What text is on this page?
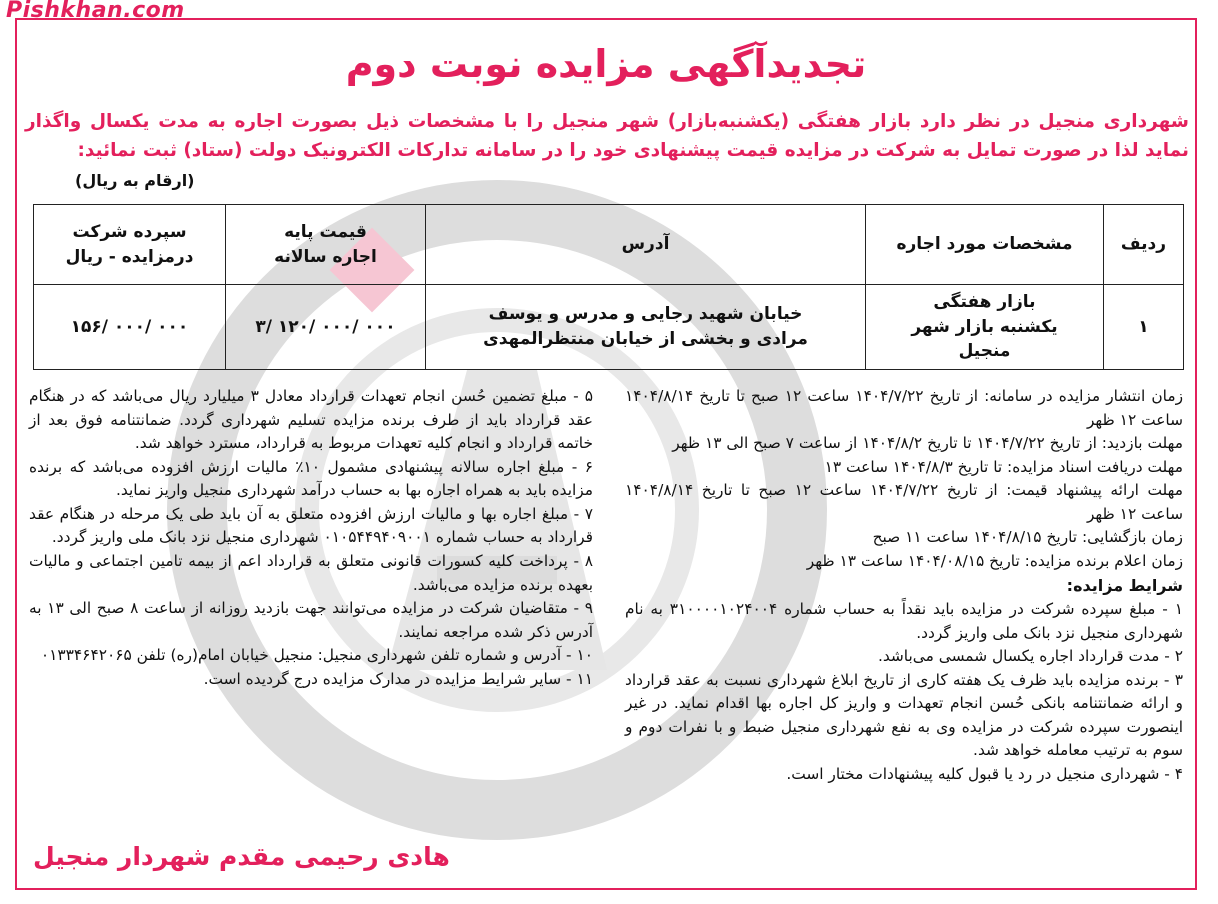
Pishkhan.com
تجدیدآگهی مزایده نوبت دوم
شهرداری منجیل در نظر دارد بازار هفتگی (یکشنبه‌بازار) شهر منجیل را با مشخصات ذیل بصورت اجاره به مدت یکسال واگذار نماید لذا در صورت تمایل به شرکت در مزایده قیمت پیشنهادی خود را در سامانه تدارکات الکترونیک دولت (ستاد) ثبت نمائید:
(ارقام به ریال)
ردیف	مشخصات مورد اجاره	آدرس	قیمت پایه اجاره سالانه	سپرده شرکت درمزایده - ریال
۱	بازار هفتگی یکشنبه بازار شهر منجیل	خیابان شهید رجایی و مدرس و یوسف مرادی و بخشی از خیابان منتظرالمهدی	۳/ ۱۲۰/ ۰۰۰/ ۰۰۰	۱۵۶/ ۰۰۰/ ۰۰۰

زمان انتشار مزایده در سامانه: از تاریخ ۱۴۰۴/۷/۲۲ ساعت ۱۲ صبح تا تاریخ ۱۴۰۴/۸/۱۴ ساعت ۱۲ ظهر

مهلت بازدید: از تاریخ ۱۴۰۴/۷/۲۲ تا تاریخ ۱۴۰۴/۸/۲ از ساعت ۷ صبح الی ۱۳ ظهر

مهلت دریافت اسناد مزایده: تا تاریخ ۱۴۰۴/۸/۳ ساعت ۱۳

مهلت ارائه پیشنهاد قیمت: از تاریخ ۱۴۰۴/۷/۲۲ ساعت ۱۲ صبح تا تاریخ ۱۴۰۴/۸/۱۴ ساعت ۱۲ ظهر

زمان بازگشایی: تاریخ ۱۴۰۴/۸/۱۵ ساعت ۱۱ صبح

زمان اعلام برنده مزایده: تاریخ ۱۴۰۴/۰۸/۱۵ ساعت ۱۳ ظهر

شرایط مزایده:

۱ - مبلغ سپرده شرکت در مزایده باید نقداً به حساب شماره ۳۱۰۰۰۰۱۰۲۴۰۰۴ به نام شهرداری منجیل نزد بانک ملی واریز گردد.

۲ - مدت قرارداد اجاره یکسال شمسی می‌باشد.

۳ - برنده مزایده باید ظرف یک هفته کاری از تاریخ ابلاغ شهرداری نسبت به عقد قرارداد و ارائه ضمانتنامه بانکی حُسن انجام تعهدات و واریز کل اجاره بها اقدام نماید. در غیر اینصورت سپرده شرکت در مزایده وی به نفع شهرداری منجیل ضبط و با نفرات دوم و سوم به ترتیب معامله خواهد شد.

۴ - شهرداری منجیل در رد یا قبول کلیه پیشنهادات مختار است.

۵ - مبلغ تضمین حُسن انجام تعهدات قرارداد معادل ۳ میلیارد ریال می‌باشد که در هنگام عقد قرارداد باید از طرف برنده مزایده تسلیم شهرداری گردد. ضمانتنامه فوق بعد از خاتمه قرارداد و انجام کلیه تعهدات مربوط به قرارداد، مسترد خواهد شد.

۶ - مبلغ اجاره سالانه پیشنهادی مشمول ۱۰٪ مالیات ارزش افزوده می‌باشد که برنده مزایده باید به همراه اجاره بها به حساب درآمد شهرداری منجیل واریز نماید.

۷ - مبلغ اجاره بها و مالیات ارزش افزوده متعلق به آن باید طی یک مرحله در هنگام عقد قرارداد به حساب شماره ۰۱۰۵۴۴۹۴۰۹۰۰۱ شهرداری منجیل نزد بانک ملی واریز گردد.

۸ - پرداخت کلیه کسورات قانونی متعلق به قرارداد اعم از بیمه تامین اجتماعی و مالیات بعهده برنده مزایده می‌باشد.

۹ - متقاضیان شرکت در مزایده می‌توانند جهت بازدید روزانه از ساعت ۸ صبح الی ۱۳ به آدرس ذکر شده مراجعه نمایند.

۱۰ - آدرس و شماره تلفن شهرداری منجیل: منجیل خیابان امام(ره) تلفن ۰۱۳۳۴۶۴۲۰۶۵

۱۱ - سایر شرایط مزایده در مدارک مزایده درج گردیده است.

هادی رحیمی مقدم شهردار منجیل
